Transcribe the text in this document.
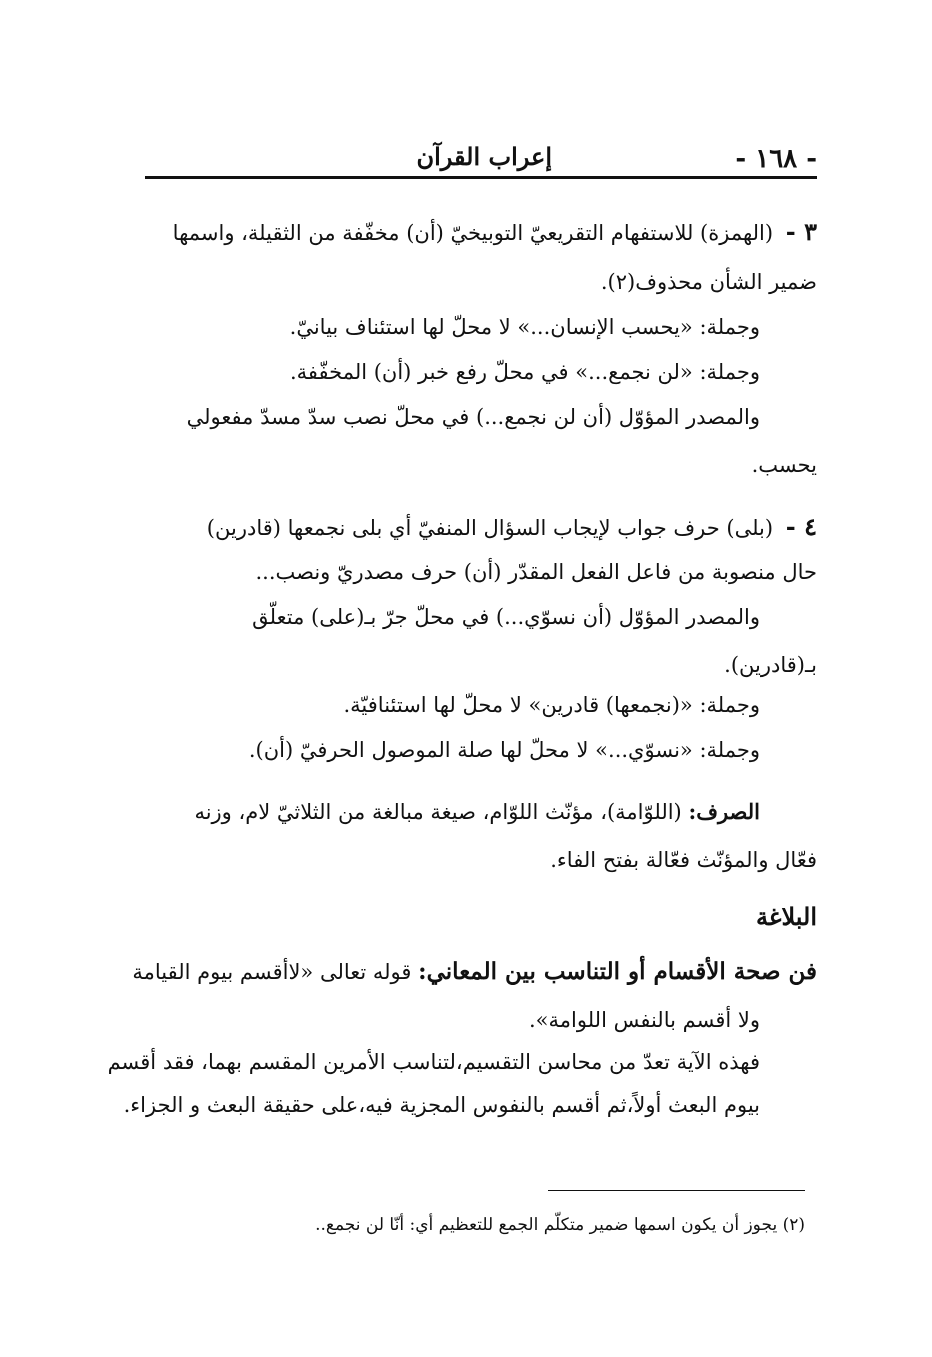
- ١٦٨ -
إعراب القرآن
٣ - (الهمزة) للاستفهام التقريعيّ التوبيخيّ (أن) مخفّفة من الثقيلة، واسمها
ضمير الشأن محذوف(٢).
وجملة: «يحسب الإنسان...» لا محلّ لها استئناف بيانيّ.
وجملة: «لن نجمع...» في محلّ رفع خبر (أن) المخفّفة.
والمصدر المؤوّل (أن لن نجمع...) في محلّ نصب سدّ مسدّ مفعولي
يحسب.
٤ - (بلى) حرف جواب لإيجاب السؤال المنفيّ أي بلى نجمعها (قادرين)
حال منصوبة من فاعل الفعل المقدّر (أن) حرف مصدريّ ونصب...
والمصدر المؤوّل (أن نسوّي...) في محلّ جرّ بـ(على) متعلّق
بـ(قادرين).
وجملة: «(نجمعها) قادرين» لا محلّ لها استئنافيّة.
وجملة: «نسوّي...» لا محلّ لها صلة الموصول الحرفيّ (أن).
الصرف: (اللوّامة)، مؤنّث اللوّام، صيغة مبالغة من الثلاثيّ لام، وزنه
فعّال والمؤنّث فعّالة بفتح الفاء.
البلاغة
فن صحة الأقسام أو التناسب بين المعاني: قوله تعالى «لاأقسم بيوم القيامة
ولا أقسم بالنفس اللوامة».
فهذه الآية تعدّ من محاسن التقسيم،لتناسب الأمرين المقسم بهما، فقد أقسم
بيوم البعث أولاً،ثم أقسم بالنفوس المجزية فيه،على حقيقة البعث و الجزاء.
(٢) يجوز أن يكون اسمها ضمير متكلّم الجمع للتعظيم أي: أنّا لن نجمع..
